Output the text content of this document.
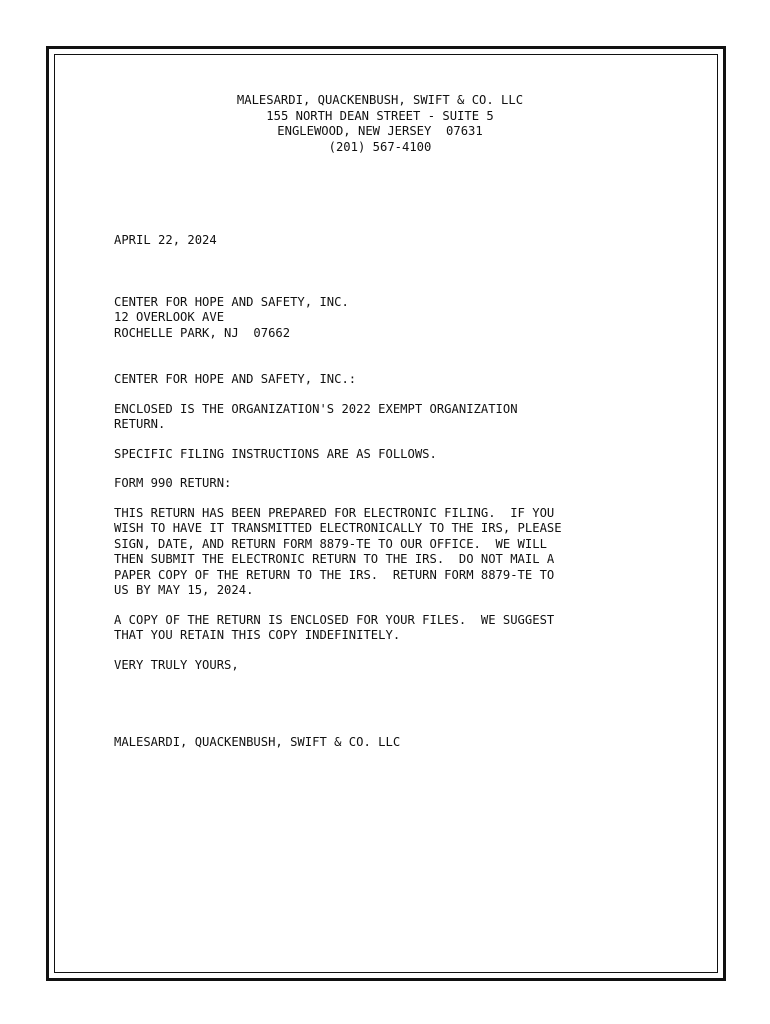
MALESARDI, QUACKENBUSH, SWIFT & CO. LLC
155 NORTH DEAN STREET - SUITE 5
ENGLEWOOD, NEW JERSEY  07631
(201) 567-4100
APRIL 22, 2024
CENTER FOR HOPE AND SAFETY, INC.
12 OVERLOOK AVE
ROCHELLE PARK, NJ  07662
CENTER FOR HOPE AND SAFETY, INC.:
ENCLOSED IS THE ORGANIZATION'S 2022 EXEMPT ORGANIZATION
RETURN.
SPECIFIC FILING INSTRUCTIONS ARE AS FOLLOWS.
FORM 990 RETURN:
THIS RETURN HAS BEEN PREPARED FOR ELECTRONIC FILING.  IF YOU
WISH TO HAVE IT TRANSMITTED ELECTRONICALLY TO THE IRS, PLEASE
SIGN, DATE, AND RETURN FORM 8879-TE TO OUR OFFICE.  WE WILL
THEN SUBMIT THE ELECTRONIC RETURN TO THE IRS.  DO NOT MAIL A
PAPER COPY OF THE RETURN TO THE IRS.  RETURN FORM 8879-TE TO
US BY MAY 15, 2024.
A COPY OF THE RETURN IS ENCLOSED FOR YOUR FILES.  WE SUGGEST
THAT YOU RETAIN THIS COPY INDEFINITELY.
VERY TRULY YOURS,
MALESARDI, QUACKENBUSH, SWIFT & CO. LLC
